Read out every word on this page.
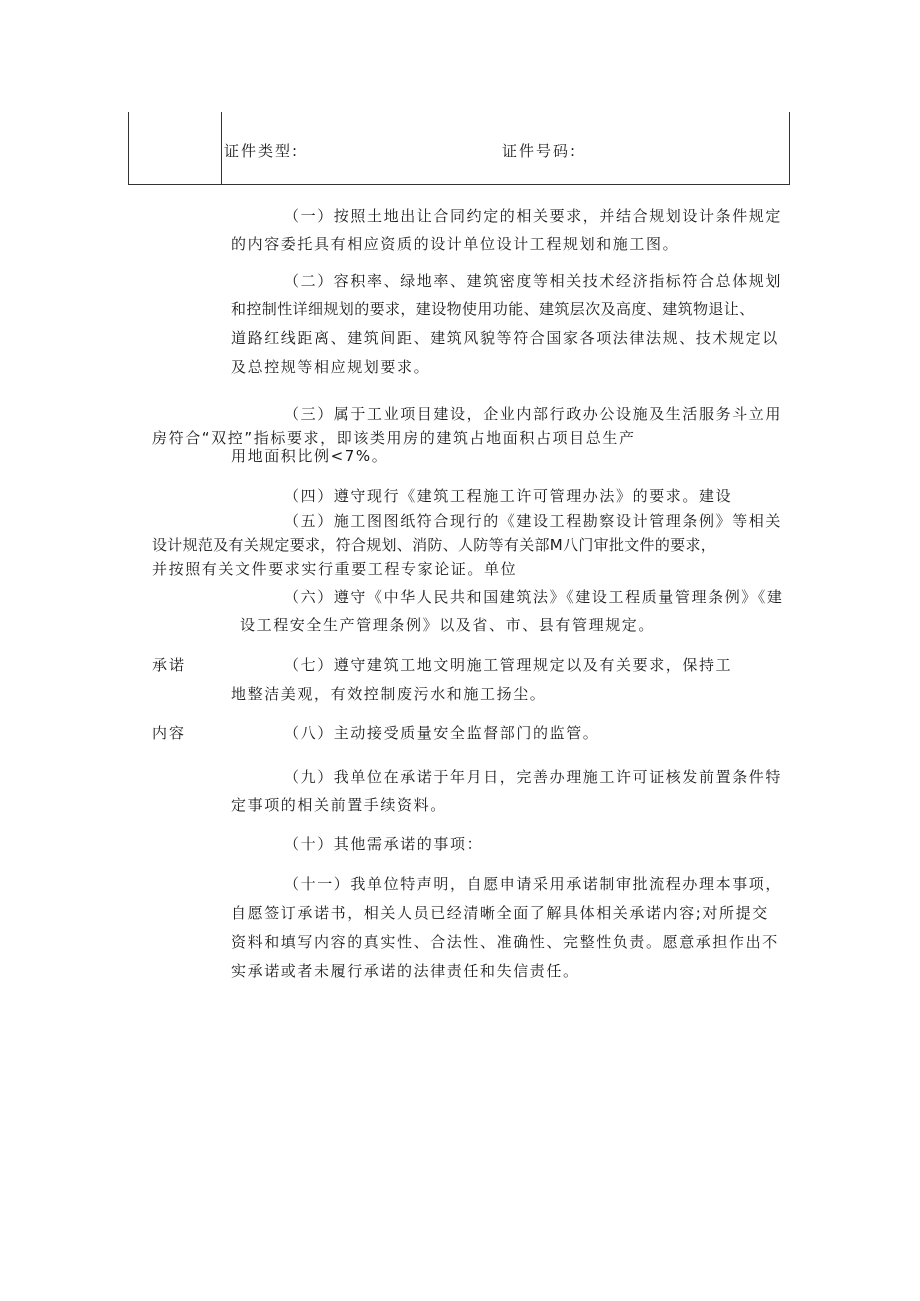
证件类型:	证件号码:
承诺
内容
（一）按照土地出让合同约定的相关要求，并结合规划设计条件规定
的内容委托具有相应资质的设计单位设计工程规划和施工图。
（二）容积率、绿地率、建筑密度等相关技术经济指标符合总体规划
和控制性详细规划的要求，建设物使用功能、建筑层次及高度、建筑物退让、
道路红线距离、建筑间距、建筑风貌等符合国家各项法律法规、技术规定以
及总控规等相应规划要求。
（三）属于工业项目建设，企业内部行政办公设施及生活服务斗立用
房符合“双控”指标要求，即该类用房的建筑占地面积占项目总生产
用地面积比例<7%。
（四）遵守现行《建筑工程施工许可管理办法》的要求。建设
（五）施工图图纸符合现行的《建设工程勘察设计管理条例》等相关
设计规范及有关规定要求，符合规划、消防、人防等有关部M八门审批文件的要求，
并按照有关文件要求实行重要工程专家论证。单位
（六）遵守《中华人民共和国建筑法》《建设工程质量管理条例》《建
设工程安全生产管理条例》以及省、市、县有管理规定。
（七）遵守建筑工地文明施工管理规定以及有关要求，保持工
地整洁美观，有效控制废污水和施工扬尘。
（八）主动接受质量安全监督部门的监管。
（九）我单位在承诺于年月日，完善办理施工许可证核发前置条件特
定事项的相关前置手续资料。
（十）其他需承诺的事项：
（十一）我单位特声明，自愿申请采用承诺制审批流程办理本事项，
自愿签订承诺书，相关人员已经清晰全面了解具体相关承诺内容;对所提交
资料和填写内容的真实性、合法性、准确性、完整性负责。愿意承担作出不
实承诺或者未履行承诺的法律责任和失信责任。
